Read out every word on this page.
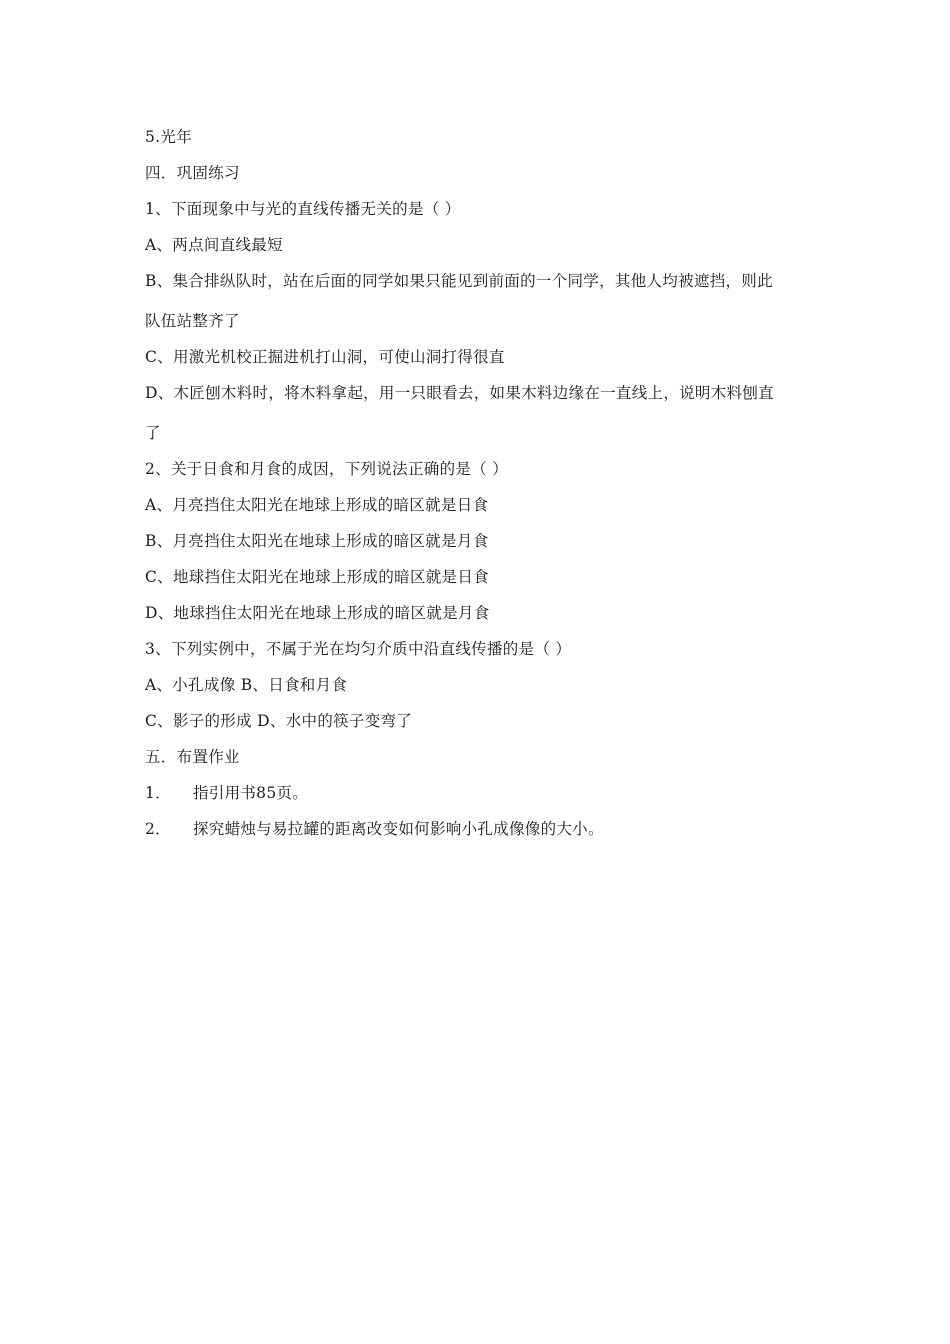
5.光年
四．巩固练习
1、下面现象中与光的直线传播无关的是（ ）
A、两点间直线最短
B、集合排纵队时，站在后面的同学如果只能见到前面的一个同学，其他人均被遮挡，则此
队伍站整齐了
C、用激光机校正掘进机打山洞，可使山洞打得很直
D、木匠刨木料时，将木料拿起，用一只眼看去，如果木料边缘在一直线上，说明木料刨直
了
2、关于日食和月食的成因，下列说法正确的是（ ）
A、月亮挡住太阳光在地球上形成的暗区就是日食
B、月亮挡住太阳光在地球上形成的暗区就是月食
C、地球挡住太阳光在地球上形成的暗区就是日食
D、地球挡住太阳光在地球上形成的暗区就是月食
3、下列实例中，不属于光在均匀介质中沿直线传播的是（ ）
A、小孔成像 B、日食和月食
C、影子的形成 D、水中的筷子变弯了
五．布置作业
1． 指引用书85页。
2． 探究蜡烛与易拉罐的距离改变如何影响小孔成像像的大小。
